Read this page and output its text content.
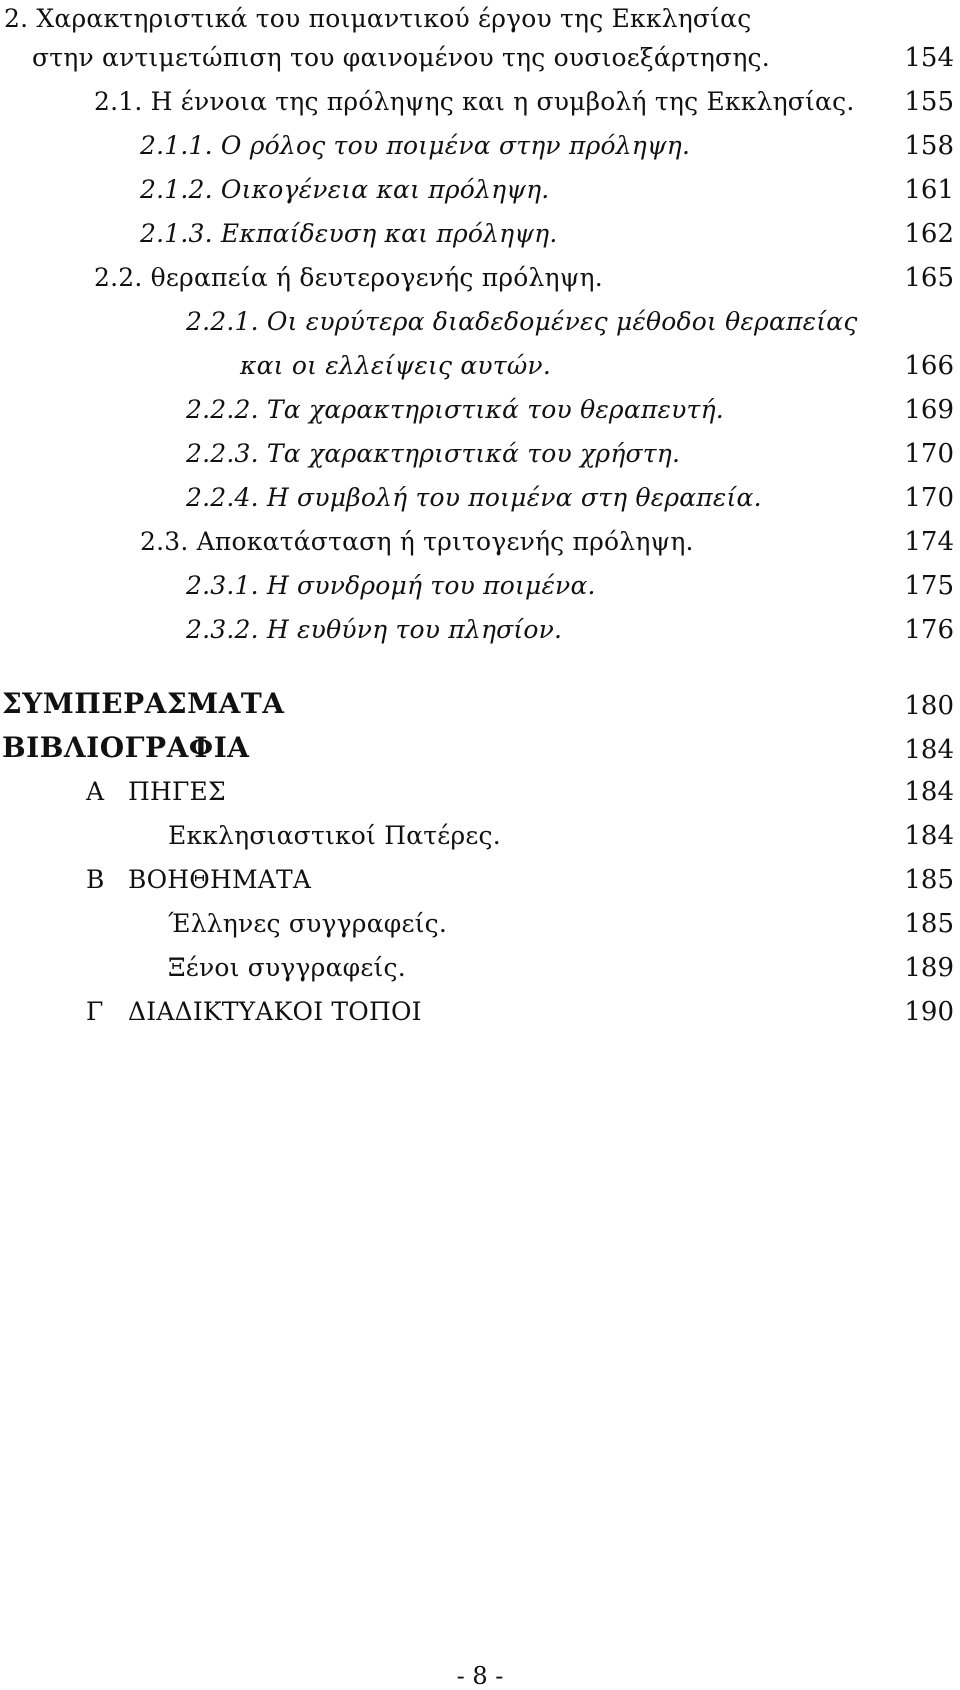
2. Χαρακτηριστικά του ποιμαντικού έργου της Εκκλησίας
στην αντιμετώπιση του φαινομένου της ουσιοεξάρτησης.	154
2.1. Η έννοια της πρόληψης και η συμβολή της Εκκλησίας. 155
2.1.1. Ο ρόλος του ποιμένα στην πρόληψη.	158
2.1.2. Οικογένεια και πρόληψη.	161
2.1.3. Εκπαίδευση και πρόληψη.	162
2.2. θεραπεία ή δευτερογενής πρόληψη.	165
2.2.1. Οι ευρύτερα διαδεδομένες μέθοδοι θεραπείας
και οι ελλείψεις αυτών.	166
2.2.2. Τα χαρακτηριστικά του θεραπευτή.	169
2.2.3. Τα χαρακτηριστικά του χρήστη.	170
2.2.4. Η συμβολή του ποιμένα στη θεραπεία.	170
2.3. Αποκατάσταση ή τριτογενής πρόληψη.	174
2.3.1. Η συνδρομή του ποιμένα.	175
2.3.2. Η ευθύνη του πλησίον.	176
ΣΥΜΠΕΡΑΣΜΑΤΑ	180
ΒΙΒΛΙΟΓΡΑΦΙΑ	184
Α ΠΗΓΕΣ	184
Εκκλησιαστικοί Πατέρες.	184
Β ΒΟΗΘΗΜΑΤΑ	185
Έλληνες συγγραφείς.	185
Ξένοι συγγραφείς.	189
Γ ΔΙΑΔΙΚΤΥΑΚΟΙ ΤΟΠΟΙ	190
- 8 -
